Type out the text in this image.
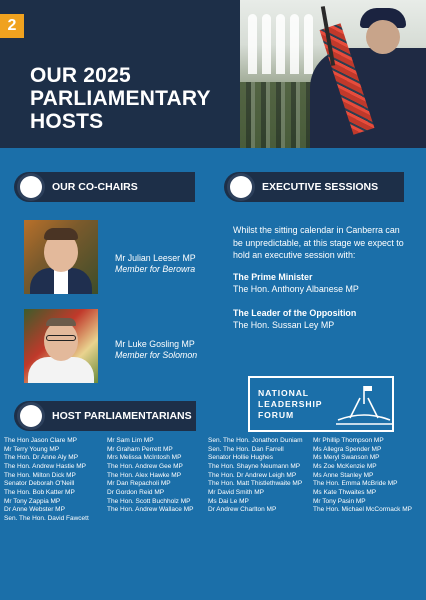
2
OUR 2025
PARLIAMENTARY
HOSTS
OUR CO-CHAIRS	EXECUTIVE SESSIONS
Mr Julian Leeser MP
Member for Berowra
Mr Luke Gosling MP
Member for Solomon
Whilst the sitting calendar in Canberra can be unpredictable, at this stage we expect to hold an executive session with:
The Prime Minister
The Hon. Anthony Albanese MP
The Leader of the Opposition
The Hon. Sussan Ley MP
NATIONAL
LEADERSHIP
FORUM
HOST PARLIAMENTARIANS
The Hon Jason Clare MP
Mr Terry Young MP
The Hon. Dr Anne Aly MP
The Hon. Andrew Hastie MP
The Hon. Milton Dick MP
Senator Deborah O'Neill
The Hon. Bob Katter MP
Mr Tony Zappia MP
Dr Anne Webster MP
Sen. The Hon. David Fawcett
Mr Sam Lim MP
Mr Graham Perrett MP
Mrs Melissa McIntosh MP
The Hon. Andrew Gee MP
The Hon. Alex Hawke MP
Mr Dan Repacholi MP
Dr Gordon Reid MP
The Hon. Scott Buchholz MP
The Hon. Andrew Wallace MP
Sen. The Hon. Jonathon Duniam
Sen. The Hon. Dan Farrell
Senator Hollie Hughes
The Hon. Shayne Neumann MP
The Hon. Dr Andrew Leigh MP
The Hon. Matt Thistlethwaite MP
Mr David Smith MP
Ms Dai Le MP
Dr Andrew Charlton MP
Mr Phillip Thompson MP
Ms Allegra Spender MP
Ms Meryl Swanson MP
Ms Zoe McKenzie MP
Ms Anne Stanley MP
The Hon. Emma McBride MP
Ms Kate Thwaites MP
Mr Tony Pasin MP
The Hon. Michael McCormack MP
